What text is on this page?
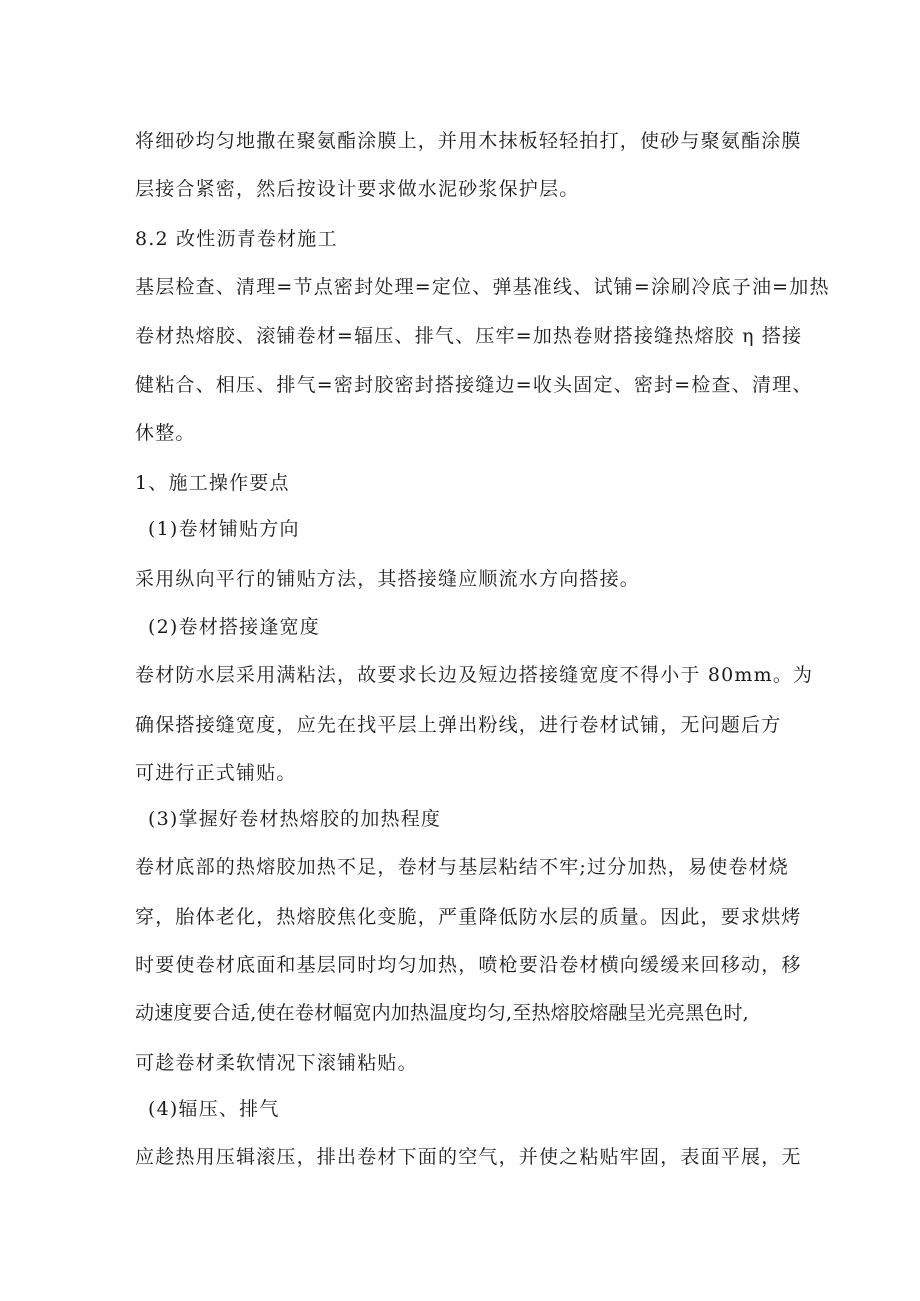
将细砂均匀地撒在聚氨酯涂膜上，并用木抹板轻轻拍打，使砂与聚氨酯涂膜
层接合紧密，然后按设计要求做水泥砂浆保护层。
8.2 改性沥青卷材施工
基层检查、清理=节点密封处理=定位、弹基准线、试铺=涂刷冷底子油=加热
卷材热熔胶、滚铺卷材=辐压、排气、压牢=加热卷财搭接缝热熔胶 η 搭接
健粘合、相压、排气=密封胶密封搭接缝边=收头固定、密封=检查、清理、
休整。
1、施工操作要点
(1)卷材铺贴方向
采用纵向平行的铺贴方法，其搭接缝应顺流水方向搭接。
(2)卷材搭接逢宽度
卷材防水层采用满粘法，故要求长边及短边搭接缝宽度不得小于 80mm。为
确保搭接缝宽度，应先在找平层上弹出粉线，进行卷材试铺，无问题后方
可进行正式铺贴。
(3)掌握好卷材热熔胶的加热程度
卷材底部的热熔胶加热不足，卷材与基层粘结不牢;过分加热，易使卷材烧
穿，胎体老化，热熔胶焦化变脆，严重降低防水层的质量。因此，要求烘烤
时要使卷材底面和基层同时均匀加热，喷枪要沿卷材横向缓缓来回移动，移
动速度要合适,使在卷材幅宽内加热温度均匀,至热熔胶熔融呈光亮黑色时,
可趁卷材柔软情况下滚铺粘贴。
(4)辐压、排气
应趁热用压辑滚压，排出卷材下面的空气，并使之粘贴牢固，表面平展，无
